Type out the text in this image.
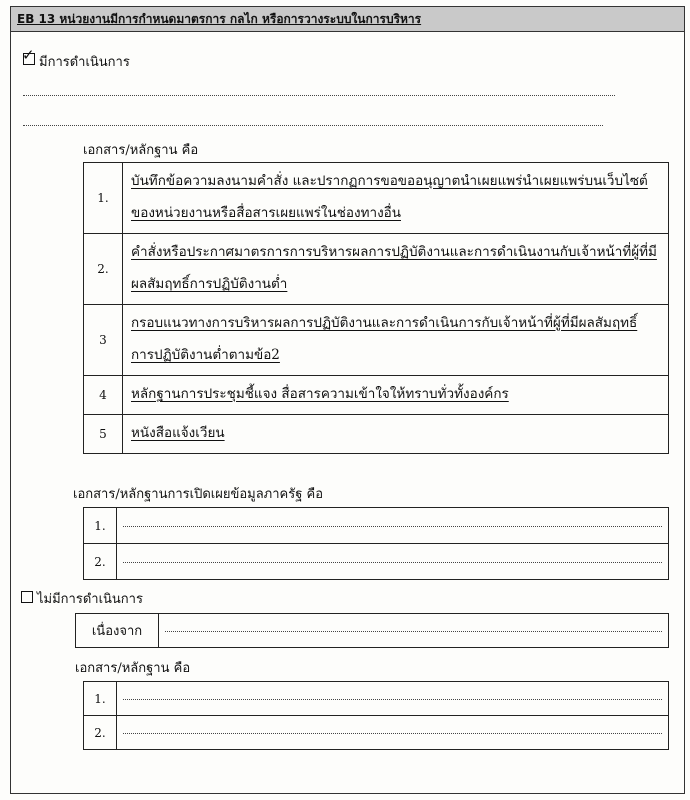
EB 13 หน่วยงานมีการกำหนดมาตรการ กลไก หรือการวางระบบในการบริหาร
✓ มีการดำเนินการ
เอกสาร/หลักฐาน คือ
1.	บันทึกข้อความลงนามคำสั่ง และปรากฏการขอขออนุญาตนำเผยแพร่นำเผยแพร่บนเว็บไซต์ของหน่วยงานหรือสื่อสารเผยแพร่ในช่องทางอื่น
2.	คำสั่งหรือประกาศมาตรการการบริหารผลการปฏิบัติงานและการดำเนินงานกับเจ้าหน้าที่ผู้ที่มีผลสัมฤทธิ์การปฏิบัติงานต่ำ
3	กรอบแนวทางการบริหารผลการปฏิบัติงานและการดำเนินการกับเจ้าหน้าที่ผู้ที่มีผลสัมฤทธิ์การปฏิบัติงานต่ำตามข้อ2
4	หลักฐานการประชุมชี้แจง สื่อสารความเข้าใจให้ทราบทั่วทั้งองค์กร
5	หนังสือแจ้งเวียน
เอกสาร/หลักฐานการเปิดเผยข้อมูลภาครัฐ คือ
1.	

2.	
ไม่มีการดำเนินการ
เนื่องจาก	
เอกสาร/หลักฐาน คือ
1.	

2.	
